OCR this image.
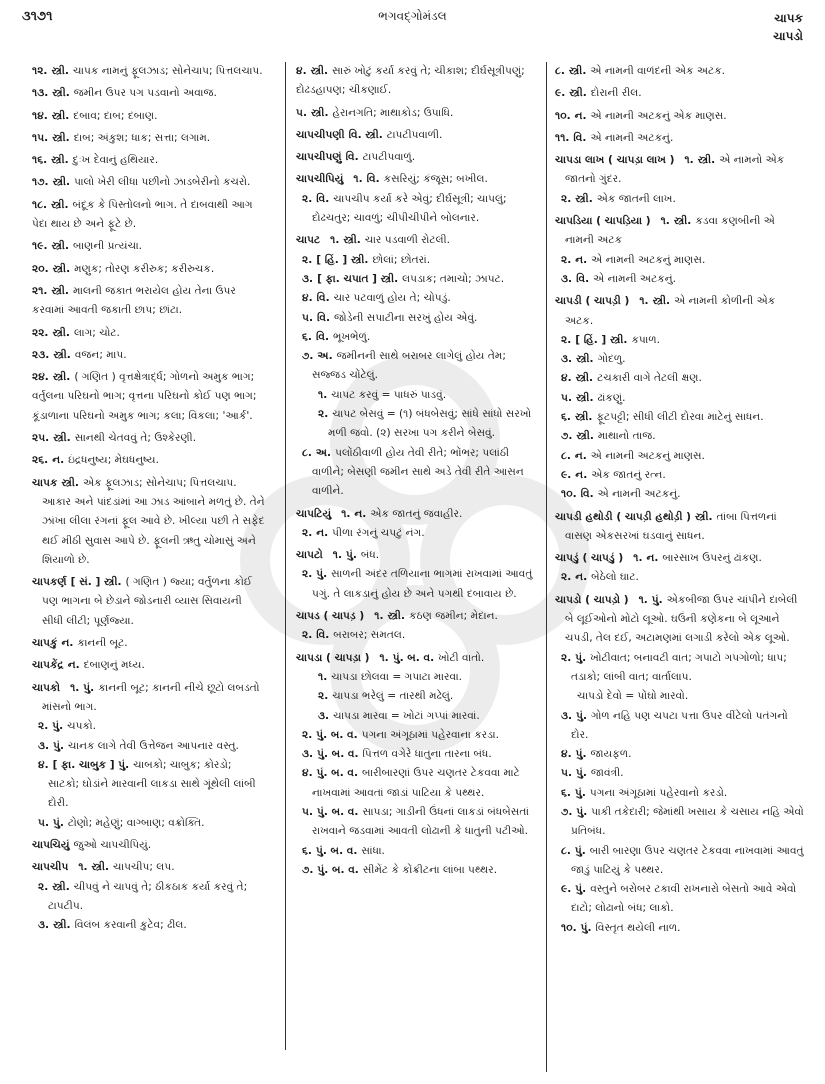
૩૧૭૧	ભગવદ્ગોમંડલ	ચાપક
ચાપડો
૧૨. સ્ત્રી. ચાપક નામનું ફૂલઝાડ; સોનેચાપ; પિત્તલચાપ.
૧૩. સ્ત્રી. જમીન ઉપર પગ પડવાનો અવાજ.
૧૪. સ્ત્રી. દબાવ; દાબ; દબાણ.
૧૫. સ્ત્રી. દાબ; અંકુશ; ધાક; સત્તા; લગામ.
૧૬. સ્ત્રી. દુઃખ દેવાનું હથિયાર.
૧૭. સ્ત્રી. પાલો ખેરી લીધા પછીનો ઝાડબેરીનો કચરો.
૧૮. સ્ત્રી. બંદૂક કે પિસ્તોલનો ભાગ. તે દાબવાથી આગ પેદા થાય છે અને ફૂટે છે.
૧૯. સ્ત્રી. બાણની પ્રત્યંચા.
૨૦. સ્ત્રી. મણુક; તોરણ કરીરુક; કરીરુચક.
૨૧. સ્ત્રી. માલની જકાત ભરાયેલ હોય તેના ઉપર કરવામાં આવતી જકાતી છાપ; છાંટા.
૨૨. સ્ત્રી. લાગ; ચોટ.
૨૩. સ્ત્રી. વજન; માપ.
૨૪. સ્ત્રી. ( ગણિત ) વૃત્તક્ષેત્રાર્દ્ધ; ગોળનો અમુક ભાગ; વર્તુલના પરિઘનો ભાગ; વૃત્તના પરિઘનો કોઈ પણ ભાગ; કૂંડાળાના પરિઘનો અમુક ભાગ; કલા; વિકલા; 'આર્ક'.
૨૫. સ્ત્રી. સાનથી ચેતવવું તે; ઉશ્કેરણી.
૨૬. ન. ઇંદ્રધનુષ્ય; મેઘધનુષ્ય.
ચાપક સ્ત્રી. એક ફૂલઝાડ; સોનેચાપ; પિત્તલચાપ. આકાર અને પાંદડાંમાં આ ઝાડ આંબાને મળતું છે. તેને ઝાંખા લીલા રંગનાં ફૂલ આવે છે. ખીલ્યા પછી તે સફેદ થઈ મીઠી સુવાસ આપે છે. ફૂલની ઋતુ ચોમાસું અને શિયાળો છે.
ચાપકર્ણ [ સં. ] સ્ત્રી. ( ગણિત ) જ્યા; વર્તુળના કોઈ પણ ભાગના બે છેડાને જોડનારી વ્યાસ સિવાયની સીધી લીટી; પૂર્ણજ્યા.
ચાપકું ન. કાનની બૂટ.
ચાપકેંદ્ર ન. દબાણનું મધ્ય.
ચાપકો ૧. પું. કાનની બૂટ; કાનની નીચે છૂટો લબડતો માંસનો ભાગ.
૨. પું. ચપકો.
૩. પું. ચાનક લાગે તેવી ઉત્તેજન આપનાર વસ્તુ.
૪. [ ફા. ચાબુક ] પું. ચાબકો; ચાબુક; કોરડો; સાટકો; ઘોડાંને મારવાની લાકડા સાથે ગૂંથેલી લાંબી દોરી.
૫. પું. ટોણો; મહેણું; વાગ્બાણ; વક્રોક્તિ.
ચાપચિયું જુઓ ચાપચીપિયું.
ચાપચીપ ૧. સ્ત્રી. ચાપચીપ; લપ.
૨. સ્ત્રી. ચીપવું ને ચાપવું તે; ઠીકઠાક કર્યા કરવું તે; ટાપટીપ.
૩. સ્ત્રી. વિલંબ કરવાની કુટેવ; ઢીલ.
૪. સ્ત્રી. સારું ખોટું કર્યા કરવું તે; ચીકાશ; દીર્ઘસૂત્રીપણું; દોઢડહાપણ; ચીકણાઈ.
૫. સ્ત્રી. હેરાનગતિ; માથાકોડ; ઉપાધિ.
ચાપચીપણી વિ. સ્ત્રી. ટાપટીપવાળી.
ચાપચીપણું વિ. ટાપટીપવાળું.
ચાપચીપિયું ૧. વિ. કસરિયું; કંજૂસ; બખીલ.
૨. વિ. ચાપચીપ કર્યા કરે એવું; દીર્ઘસૂત્રી; ચાપલું; દોઢચતુર; ચાવળું; ચીપીચીપીને બોલનાર.
ચાપટ ૧. સ્ત્રી. ચાર પડવાળી રોટલી.
૨. [ હિં. ] સ્ત્રી. છોલાં; છોતરાં.
૩. [ ફા. ચપાત ] સ્ત્રી. લપડાક; તમાચો; ઝાપટ.
૪. વિ. ચાર પટવાળું હોય તે; ચોપડું.
૫. વિ. જોડેની સપાટીના સરખું હોય એવું.
૬. વિ. ભૂખભેળું.
૭. અ. જમીનની સાથે બરાબર લાગેલું હોય તેમ; સજ્જડ ચોંટેલું.
૧. ચાપટ કરવું = પાધરું પાડવું.
૨. ચાપટ બેસવું = (૧) બંધબેસવું; સાંધે સાંધો સરખો મળી જવો. (૨) સરખા પગ કરીને બેસવું.
૮. અ. પલોંઠીવાળી હોય તેવી રીતે; ભોંભર; પલાંઠી વાળીને; બેસણી જમીન સાથે અડે તેવી રીતે આસન વાળીને.
ચાપટિયું ૧. ન. એક જાતનું જવાહીર.
૨. ન. પીળા રંગનું ચપટું નંગ.
ચાપટો ૧. પું. બંધ.
૨. પું. સાળની અંદર તળિયાના ભાગમાં રાખવામાં આવતું પગું. તે લાકડાનું હોય છે અને પગથી દબાવાય છે.
ચાપડ ( ચાપડ઼ ) ૧. સ્ત્રી. કઠણ જમીન; મેદાન.
૨. વિ. બરાબર; સમતલ.
ચાપડા ( ચાપડ઼ા ) ૧. પું. બ. વ. ખોટી વાતો.
૧. ચાપડા છોલવા = ગપાટા મારવા.
૨. ચાપડા ભરેલું = તારથી મઢેલું.
૩. ચાપડા મારવા = ખોટાં ગપ્પાં મારવાં.
૨. પું. બ. વ. પગના અંગૂઠામાં પહેરવાના કરડા.
૩. પું. બ. વ. પિત્તળ વગેરે ધાતુના તારના બંધ.
૪. પું. બ. વ. બારીબારણાં ઉપર ચણતર ટેકવવા માટે નાખવામાં આવતાં જાડાં પાટિયા કે પથ્થર.
૫. પું. બ. વ. સાપડા; ગાડીની ઉંધનાં લાકડાં બંધબેસતાં રાખવાને જડવામાં આવતી લોઢાની કે ધાતુની પટીઓ.
૬. પું. બ. વ. સાંધા.
૭. પું. બ. વ. સીમેંટ કે કોંક્રીટના લાંબા પથ્થર.
૮. સ્ત્રી. એ નામની વાળંદની એક અટક.
૯. સ્ત્રી. દોરાની રીલ.
૧૦. ન. એ નામની અટકનું એક માણસ.
૧૧. વિ. એ નામની અટકનું.
ચાપડા લાખ ( ચાપડ઼ા લાખ ) ૧. સ્ત્રી. એ નામનો એક જાતનો ગુંદર.
૨. સ્ત્રી. એક જાતની લાખ.
ચાપડિયા ( ચાપડ઼િયા ) ૧. સ્ત્રી. કડવા કણબીની એ નામની અટક
૨. ન. એ નામની અટકનું માણસ.
૩. વિ. એ નામની અટકનું.
ચાપડી ( ચાપડ઼ી ) ૧. સ્ત્રી. એ નામની કોળીની એક અટક.
૨. [ હિં. ] સ્ત્રી. કપાળ.
૩. સ્ત્રી. ગોદળુ.
૪. સ્ત્રી. ટચકારી વાગે તેટલી ક્ષણ.
૫. સ્ત્રી. ઢાંકણું.
૬. સ્ત્રી. ફૂટપટ્ટી; સીધી લીટી દોરવા માટેનું સાધન.
૭. સ્ત્રી. માથાનો તાજ.
૮. ન. એ નામની અટકનું માણસ.
૯. ન. એક જાતનું રત્ન.
૧૦. વિ. એ નામની અટકનું.
ચાપડી હથોડી ( ચાપડ઼ી હથોડ઼ી ) સ્ત્રી. તાંબા પિત્તળનાં વાસણ એકસરખાં ઘડવાનું સાધન.
ચાપડું ( ચાપડ઼ું ) ૧. ન. બારસાખ ઉપરનું ઢાંકણ.
૨. ન. બેઠેલો ઘાટ.
ચાપડો ( ચાપડ઼ો ) ૧. પું. એકબીજા ઉપર ચાંપીને દાબેલી બે લૂઈઓનો મોટો લૂઓ. ઘઉંની કણેકના બે લૂઆને ચપડી, તેલ દઈ, અટામણમાં લગાડી કરેલો એક લૂઓ.
૨. પું. ખોટીવાત; બનાવટી વાત; ગપાટો ગપગોળો; ધાપ; તડાકો; લાંબી વાત; વાર્તાલાપ.
ચાપડો દેવો = પોંઘો મારવો.
૩. પું. ગોળ નહિ પણ ચપટા પત્તા ઉપર વીંટેલો પતંગનો દોર.
૪. પું. જાયફળ.
૫. પું. જાવંત્રી.
૬. પું. પગના અંગૂઠામાં પહેરવાનો કરડો.
૭. પું. પાકી તકેદારી; જેમાંથી ખસાય કે ચસાય નહિ એવો પ્રતિબંધ.
૮. પું. બારી બારણા ઉપર ચણતર ટેકવવા નાખવામાં આવતું જાડું પાટિયું કે પથ્થર.
૯. પું. વસ્તુને બરોબર ટકાવી રાખનારો બેસતો આવે એવો દાટો; લોઢાનો બંધ; લાકો.
૧૦. પું. વિસ્તૃત થયેલી નાળ.
